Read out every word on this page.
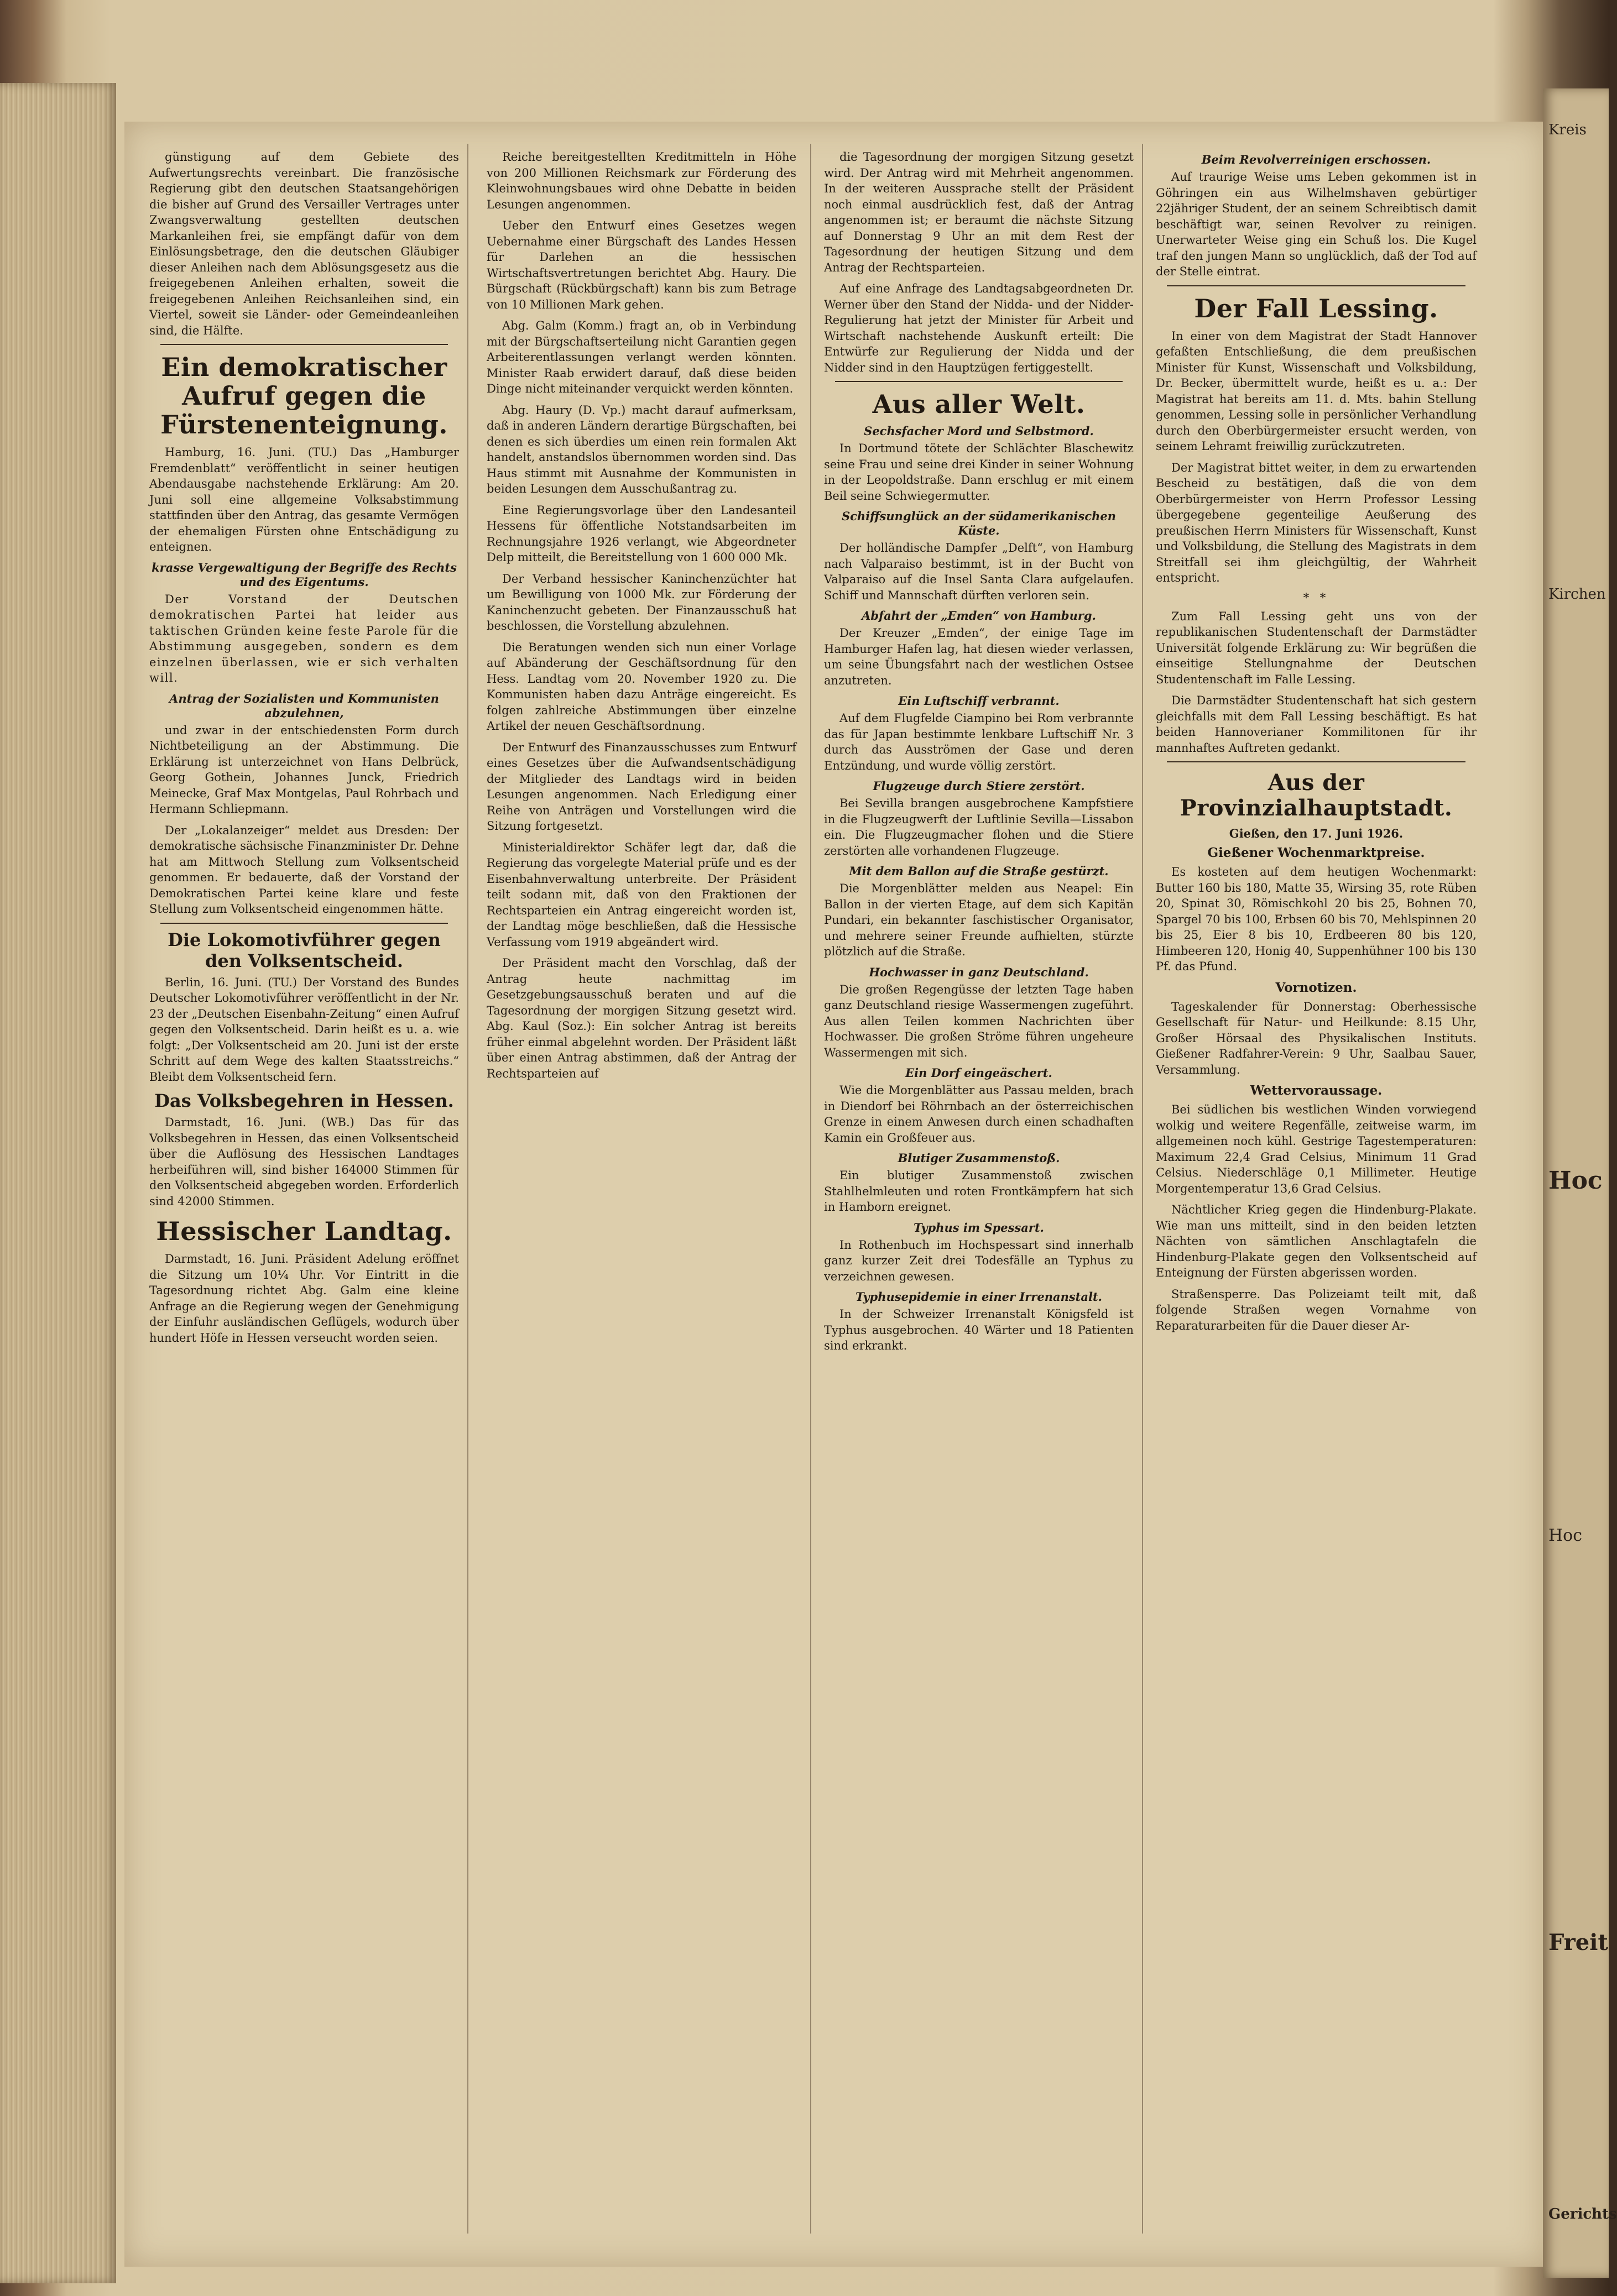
günstigung auf dem Gebiete des Aufwertungsrechts vereinbart. Die französische Regierung gibt den deutschen Staatsangehörigen die bisher auf Grund des Versailler Vertrages unter Zwangsverwaltung gestellten deutschen Markanleihen frei, sie empfängt dafür von dem Einlösungsbetrage, den die deutschen Gläubiger dieser Anleihen nach dem Ablösungsgesetz aus die freigegebenen Anleihen erhalten, soweit die freigegebenen Anleihen Reichsanleihen sind, ein Viertel, soweit sie Länder- oder Gemeindeanleihen sind, die Hälfte.

Ein demokratischer Aufruf gegen die Fürstenenteignung.

Hamburg, 16. Juni. (TU.) Das „Hamburger Fremdenblatt“ veröffentlicht in seiner heutigen Abendausgabe nachstehende Erklärung: Am 20. Juni soll eine allgemeine Volksabstimmung stattfinden über den Antrag, das gesamte Vermögen der ehemaligen Fürsten ohne Entschädigung zu enteignen.

krasse Vergewaltigung der Begriffe des Rechts und des Eigentums.

Der Vorstand der Deutschen demokratischen Partei hat leider aus taktischen Gründen keine feste Parole für die Abstimmung ausgegeben, sondern es dem einzelnen überlassen, wie er sich verhalten will.

Antrag der Sozialisten und Kommunisten abzulehnen,

und zwar in der entschiedensten Form durch Nichtbeteiligung an der Abstimmung. Die Erklärung ist unterzeichnet von Hans Delbrück, Georg Gothein, Johannes Junck, Friedrich Meinecke, Graf Max Montgelas, Paul Rohrbach und Hermann Schliepmann.

Der „Lokalanzeiger“ meldet aus Dresden: Der demokratische sächsische Finanzminister Dr. Dehne hat am Mittwoch Stellung zum Volksentscheid genommen. Er bedauerte, daß der Vorstand der Demokratischen Partei keine klare und feste Stellung zum Volksentscheid eingenommen hätte.

Die Lokomotivführer gegen den Volksentscheid.

Berlin, 16. Juni. (TU.) Der Vorstand des Bundes Deutscher Lokomotivführer veröffentlicht in der Nr. 23 der „Deutschen Eisenbahn-Zeitung“ einen Aufruf gegen den Volksentscheid. Darin heißt es u. a. wie folgt: „Der Volksentscheid am 20. Juni ist der erste Schritt auf dem Wege des kalten Staatsstreichs.“ Bleibt dem Volksentscheid fern.

Das Volksbegehren in Hessen.

Darmstadt, 16. Juni. (WB.) Das für das Volksbegehren in Hessen, das einen Volksentscheid über die Auflösung des Hessischen Landtages herbeiführen will, sind bisher 164000 Stimmen für den Volksentscheid abgegeben worden. Erforderlich sind 42000 Stimmen.

Hessischer Landtag.

Darmstadt, 16. Juni. Präsident Adelung eröffnet die Sitzung um 10¼ Uhr. Vor Eintritt in die Tagesordnung richtet Abg. Galm eine kleine Anfrage an die Regierung wegen der Genehmigung der Einfuhr ausländischen Geflügels, wodurch über hundert Höfe in Hessen verseucht worden seien.

Reiche bereitgestellten Kreditmitteln in Höhe von 200 Millionen Reichsmark zur Förderung des Kleinwohnungsbaues wird ohne Debatte in beiden Lesungen angenommen.

Ueber den Entwurf eines Gesetzes wegen Uebernahme einer Bürgschaft des Landes Hessen für Darlehen an die hessischen Wirtschaftsvertretungen berichtet Abg. Haury. Die Bürgschaft (Rückbürgschaft) kann bis zum Betrage von 10 Millionen Mark gehen.

Abg. Galm (Komm.) fragt an, ob in Verbindung mit der Bürgschaftserteilung nicht Garantien gegen Arbeiterentlassungen verlangt werden könnten. Minister Raab erwidert darauf, daß diese beiden Dinge nicht miteinander verquickt werden könnten.

Abg. Haury (D. Vp.) macht darauf aufmerksam, daß in anderen Ländern derartige Bürgschaften, bei denen es sich überdies um einen rein formalen Akt handelt, anstandslos übernommen worden sind. Das Haus stimmt mit Ausnahme der Kommunisten in beiden Lesungen dem Ausschußantrag zu.

Eine Regierungsvorlage über den Landesanteil Hessens für öffentliche Notstandsarbeiten im Rechnungsjahre 1926 verlangt, wie Abgeordneter Delp mitteilt, die Bereitstellung von 1 600 000 Mk.

Der Verband hessischer Kaninchenzüchter hat um Bewilligung von 1000 Mk. zur Förderung der Kaninchenzucht gebeten. Der Finanzausschuß hat beschlossen, die Vorstellung abzulehnen.

Die Beratungen wenden sich nun einer Vorlage auf Abänderung der Geschäftsordnung für den Hess. Landtag vom 20. November 1920 zu. Die Kommunisten haben dazu Anträge eingereicht. Es folgen zahlreiche Abstimmungen über einzelne Artikel der neuen Geschäftsordnung.

Der Entwurf des Finanzausschusses zum Entwurf eines Gesetzes über die Aufwandsentschädigung der Mitglieder des Landtags wird in beiden Lesungen angenommen. Nach Erledigung einer Reihe von Anträgen und Vorstellungen wird die Sitzung fortgesetzt.

Ministerialdirektor Schäfer legt dar, daß die Regierung das vorgelegte Material prüfe und es der Eisenbahnverwaltung unterbreite. Der Präsident teilt sodann mit, daß von den Fraktionen der Rechtsparteien ein Antrag eingereicht worden ist, der Landtag möge beschließen, daß die Hessische Verfassung vom 1919 abgeändert wird.

Der Präsident macht den Vorschlag, daß der Antrag heute nachmittag im Gesetzgebungsausschuß beraten und auf die Tagesordnung der morgigen Sitzung gesetzt wird. Abg. Kaul (Soz.): Ein solcher Antrag ist bereits früher einmal abgelehnt worden. Der Präsident läßt über einen Antrag abstimmen, daß der Antrag der Rechtsparteien auf

die Tagesordnung der morgigen Sitzung gesetzt wird. Der Antrag wird mit Mehrheit angenommen. In der weiteren Aussprache stellt der Präsident noch einmal ausdrücklich fest, daß der Antrag angenommen ist; er beraumt die nächste Sitzung auf Donnerstag 9 Uhr an mit dem Rest der Tagesordnung der heutigen Sitzung und dem Antrag der Rechtsparteien.

Auf eine Anfrage des Landtagsabgeordneten Dr. Werner über den Stand der Nidda- und der Nidder-Regulierung hat jetzt der Minister für Arbeit und Wirtschaft nachstehende Auskunft erteilt: Die Entwürfe zur Regulierung der Nidda und der Nidder sind in den Hauptzügen fertiggestellt.

Aus aller Welt.
Sechsfacher Mord und Selbstmord.

In Dortmund tötete der Schlächter Blaschewitz seine Frau und seine drei Kinder in seiner Wohnung in der Leopoldstraße. Dann erschlug er mit einem Beil seine Schwiegermutter.

Schiffsunglück an der südamerikanischen Küste.

Der holländische Dampfer „Delft“, von Hamburg nach Valparaiso bestimmt, ist in der Bucht von Valparaiso auf die Insel Santa Clara aufgelaufen. Schiff und Mannschaft dürften verloren sein.

Abfahrt der „Emden“ von Hamburg.

Der Kreuzer „Emden“, der einige Tage im Hamburger Hafen lag, hat diesen wieder verlassen, um seine Übungsfahrt nach der westlichen Ostsee anzutreten.

Ein Luftschiff verbrannt.

Auf dem Flugfelde Ciampino bei Rom verbrannte das für Japan bestimmte lenkbare Luftschiff Nr. 3 durch das Ausströmen der Gase und deren Entzündung, und wurde völlig zerstört.

Flugzeuge durch Stiere zerstört.

Bei Sevilla brangen ausgebrochene Kampfstiere in die Flugzeugwerft der Luftlinie Sevilla—Lissabon ein. Die Flugzeugmacher flohen und die Stiere zerstörten alle vorhandenen Flugzeuge.

Mit dem Ballon auf die Straße gestürzt.

Die Morgenblätter melden aus Neapel: Ein Ballon in der vierten Etage, auf dem sich Kapitän Pundari, ein bekannter faschistischer Organisator, und mehrere seiner Freunde aufhielten, stürzte plötzlich auf die Straße.

Hochwasser in ganz Deutschland.

Die großen Regengüsse der letzten Tage haben ganz Deutschland riesige Wassermengen zugeführt. Aus allen Teilen kommen Nachrichten über Hochwasser. Die großen Ströme führen ungeheure Wassermengen mit sich.

Ein Dorf eingeäschert.

Wie die Morgenblätter aus Passau melden, brach in Diendorf bei Röhrnbach an der österreichischen Grenze in einem Anwesen durch einen schadhaften Kamin ein Großfeuer aus.

Blutiger Zusammenstoß.

Ein blutiger Zusammenstoß zwischen Stahlhelmleuten und roten Frontkämpfern hat sich in Hamborn ereignet.

Typhus im Spessart.

In Rothenbuch im Hochspessart sind innerhalb ganz kurzer Zeit drei Todesfälle an Typhus zu verzeichnen gewesen.

Typhusepidemie in einer Irrenanstalt.

In der Schweizer Irrenanstalt Königsfeld ist Typhus ausgebrochen. 40 Wärter und 18 Patienten sind erkrankt.

Beim Revolverreinigen erschossen.

Auf traurige Weise ums Leben gekommen ist in Göhringen ein aus Wilhelmshaven gebürtiger 22jähriger Student, der an seinem Schreibtisch damit beschäftigt war, seinen Revolver zu reinigen. Unerwarteter Weise ging ein Schuß los. Die Kugel traf den jungen Mann so unglücklich, daß der Tod auf der Stelle eintrat.

Der Fall Lessing.

In einer von dem Magistrat der Stadt Hannover gefaßten Entschließung, die dem preußischen Minister für Kunst, Wissenschaft und Volksbildung, Dr. Becker, übermittelt wurde, heißt es u. a.: Der Magistrat hat bereits am 11. d. Mts. bahin Stellung genommen, Lessing solle in persönlicher Verhandlung durch den Oberbürgermeister ersucht werden, von seinem Lehramt freiwillig zurückzutreten.

Der Magistrat bittet weiter, in dem zu erwartenden Bescheid zu bestätigen, daß die von dem Oberbürgermeister von Herrn Professor Lessing übergegebene gegenteilige Aeußerung des preußischen Herrn Ministers für Wissenschaft, Kunst und Volksbildung, die Stellung des Magistrats in dem Streitfall sei ihm gleichgültig, der Wahrheit entspricht.

* *

Zum Fall Lessing geht uns von der republikanischen Studentenschaft der Darmstädter Universität folgende Erklärung zu: Wir begrüßen die einseitige Stellungnahme der Deutschen Studentenschaft im Falle Lessing.

Die Darmstädter Studentenschaft hat sich gestern gleichfalls mit dem Fall Lessing beschäftigt. Es hat beiden Hannoverianer Kommilitonen für ihr mannhaftes Auftreten gedankt.

Aus der Provinzialhauptstadt.
Gießen, den 17. Juni 1926.
Gießener Wochenmarktpreise.

Es kosteten auf dem heutigen Wochenmarkt: Butter 160 bis 180, Matte 35, Wirsing 35, rote Rüben 20, Spinat 30, Römischkohl 20 bis 25, Bohnen 70, Spargel 70 bis 100, Erbsen 60 bis 70, Mehlspinnen 20 bis 25, Eier 8 bis 10, Erdbeeren 80 bis 120, Himbeeren 120, Honig 40, Suppenhühner 100 bis 130 Pf. das Pfund.

Vornotizen.

Tageskalender für Donnerstag: Oberhessische Gesellschaft für Natur- und Heilkunde: 8.15 Uhr, Großer Hörsaal des Physikalischen Instituts. Gießener Radfahrer-Verein: 9 Uhr, Saalbau Sauer, Versammlung.

Wettervoraussage.

Bei südlichen bis westlichen Winden vorwiegend wolkig und weitere Regenfälle, zeitweise warm, im allgemeinen noch kühl. Gestrige Tagestemperaturen: Maximum 22,4 Grad Celsius, Minimum 11 Grad Celsius. Niederschläge 0,1 Millimeter. Heutige Morgentemperatur 13,6 Grad Celsius.

Nächtlicher Krieg gegen die Hindenburg-Plakate. Wie man uns mitteilt, sind in den beiden letzten Nächten von sämtlichen Anschlagtafeln die Hindenburg-Plakate gegen den Volksentscheid auf Enteignung der Fürsten abgerissen worden.

Straßensperre. Das Polizeiamt teilt mit, daß folgende Straßen wegen Vornahme von Reparaturarbeiten für die Dauer dieser Ar-

Kreis
Kirchen
Hoc
Hoc
Freit
Gerichts
